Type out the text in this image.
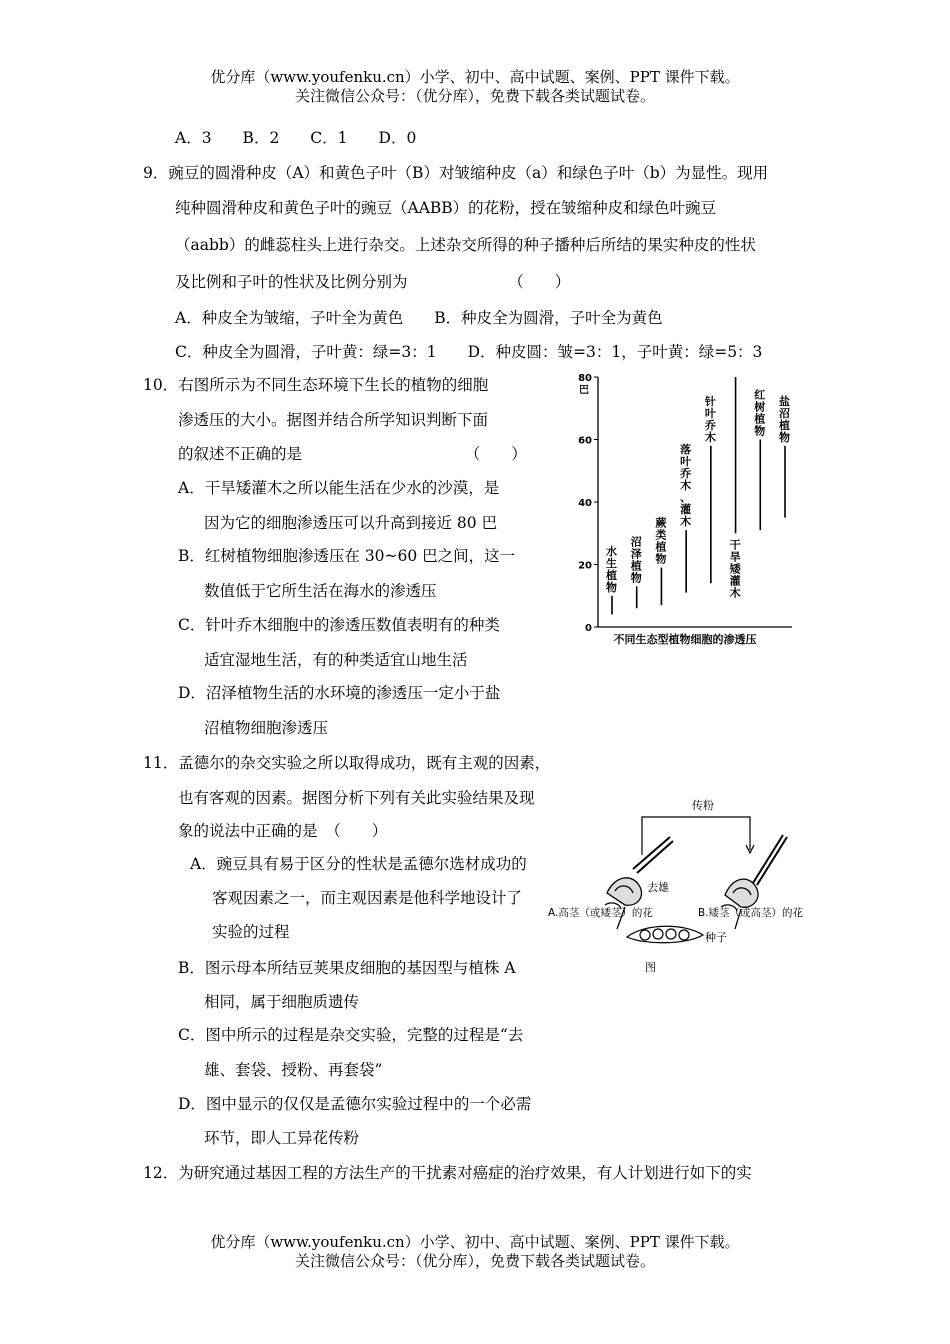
优分库（www.youfenku.cn）小学、初中、高中试题、案例、PPT 课件下载。
关注微信公众号：（优分库），免费下载各类试题试卷。
A．3　　B．2　　C．1　　D．0
9．豌豆的圆滑种皮（A）和黄色子叶（B）对皱缩种皮（a）和绿色子叶（b）为显性。现用
纯种圆滑种皮和黄色子叶的豌豆（AABB）的花粉，授在皱缩种皮和绿色叶豌豆
（aabb）的雌蕊柱头上进行杂交。上述杂交所得的种子播种后所结的果实种皮的性状
及比例和子叶的性状及比例分别为　　　　　　　（　　）
A．种皮全为皱缩，子叶全为黄色　　B．种皮全为圆滑，子叶全为黄色
C．种皮全为圆滑，子叶黄：绿=3：1　　D．种皮圆：皱=3：1，子叶黄：绿=5：3
10．右图所示为不同生态环境下生长的植物的细胞
渗透压的大小。据图并结合所学知识判断下面
的叙述不正确的是　　　　　　　　　　　（　　）
A．干旱矮灌木之所以能生活在少水的沙漠，是
因为它的细胞渗透压可以升高到接近 80 巴
B．红树植物细胞渗透压在 30~60 巴之间，这一
数值低于它所生活在海水的渗透压
C．针叶乔木细胞中的渗透压数值表明有的种类
适宜湿地生活，有的种类适宜山地生活
D．沼泽植物生活的水环境的渗透压一定小于盐
沼植物细胞渗透压
0
20
40
60
80
巴
水生植物
沼泽植物
蕨类植物
落叶乔木、灌木
针叶乔木
干旱矮灌木
红树植物
盐沼植物
不同生态型植物细胞的渗透压
11．孟德尔的杂交实验之所以取得成功，既有主观的因素，
也有客观的因素。据图分析下列有关此实验结果及现
象的说法中正确的是　（　　）
A．豌豆具有易于区分的性状是孟德尔选材成功的
客观因素之一，而主观因素是他科学地设计了
实验的过程
B．图示母本所结豆荚果皮细胞的基因型与植株 A
相同，属于细胞质遗传
C．图中所示的过程是杂交实验，完整的过程是“去
雄、套袋、授粉、再套袋”
D．图中显示的仅仅是孟德尔实验过程中的一个必需
环节，即人工异花传粉
传粉
去雄
A.高茎（或矮茎）的花	B.矮茎（或高茎）的花
种子
图
12．为研究通过基因工程的方法生产的干扰素对癌症的治疗效果，有人计划进行如下的实
优分库（www.youfenku.cn）小学、初中、高中试题、案例、PPT 课件下载。
关注微信公众号：（优分库），免费下载各类试题试卷。
